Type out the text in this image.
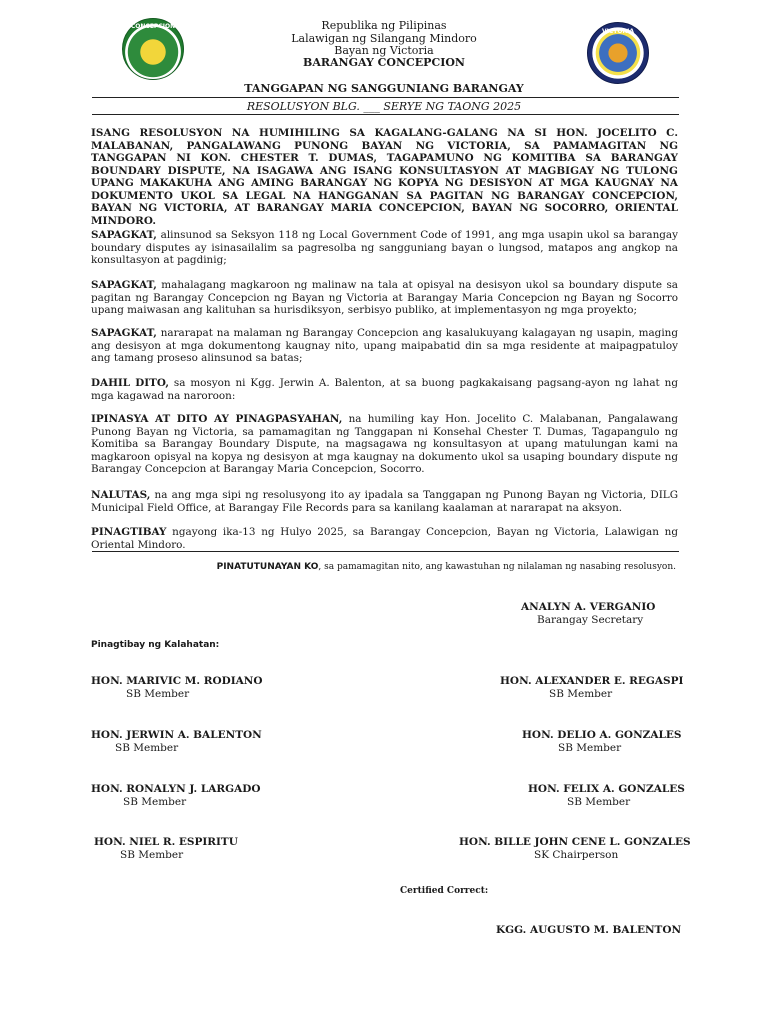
CONCEPCION
VICTORIA
Republika ng Pilipinas
Lalawigan ng Silangang Mindoro
Bayan ng Victoria
BARANGAY CONCEPCION
TANGGAPAN NG SANGGUNIANG BARANGAY
RESOLUSYON BLG. ___ SERYE NG TAONG 2025
ISANG RESOLUSYON NA HUMIHILING SA KAGALANG-GALANG NA SI HON. JOCELITO C. MALABANAN, PANGALAWANG PUNONG BAYAN NG VICTORIA, SA PAMAMAGITAN NG TANGGAPAN NI KON. CHESTER T. DUMAS, TAGAPAMUNO NG KOMITIBA SA BARANGAY BOUNDARY DISPUTE, NA ISAGAWA ANG ISANG KONSULTASYON AT MAGBIGAY NG TULONG UPANG MAKAKUHA ANG AMING BARANGAY NG KOPYA NG DESISYON AT MGA KAUGNAY NA DOKUMENTO UKOL SA LEGAL NA HANGGANAN SA PAGITAN NG BARANGAY CONCEPCION, BAYAN NG VICTORIA, AT BARANGAY MARIA CONCEPCION, BAYAN NG SOCORRO, ORIENTAL MINDORO.
SAPAGKAT, alinsunod sa Seksyon 118 ng Local Government Code of 1991, ang mga usapin ukol sa barangay boundary disputes ay isinasailalim sa pagresolba ng sangguniang bayan o lungsod, matapos ang angkop na konsultasyon at pagdinig;
SAPAGKAT, mahalagang magkaroon ng malinaw na tala at opisyal na desisyon ukol sa boundary dispute sa pagitan ng Barangay Concepcion ng Bayan ng Victoria at Barangay Maria Concepcion ng Bayan ng Socorro upang maiwasan ang kalituhan sa hurisdiksyon, serbisyo publiko, at implementasyon ng mga proyekto;
SAPAGKAT, nararapat na malaman ng Barangay Concepcion ang kasalukuyang kalagayan ng usapin, maging ang desisyon at mga dokumentong kaugnay nito, upang maipabatid din sa mga residente at maipagpatuloy ang tamang proseso alinsunod sa batas;
DAHIL DITO, sa mosyon ni Kgg. Jerwin A. Balenton, at sa buong pagkakaisang pagsang-ayon ng lahat ng mga kagawad na naroroon:
IPINASYA AT DITO AY PINAGPASYAHAN, na humiling kay Hon. Jocelito C. Malabanan, Pangalawang Punong Bayan ng Victoria, sa pamamagitan ng Tanggapan ni Konsehal Chester T. Dumas, Tagapangulo ng Komitiba sa Barangay Boundary Dispute, na magsagawa ng konsultasyon at upang matulungan kami na magkaroon opisyal na kopya ng desisyon at mga kaugnay na dokumento ukol sa usaping boundary dispute ng Barangay Concepcion at Barangay Maria Concepcion, Socorro.
NALUTAS, na ang mga sipi ng resolusyong ito ay ipadala sa Tanggapan ng Punong Bayan ng Victoria, DILG Municipal Field Office, at Barangay File Records para sa kanilang kaalaman at nararapat na aksyon.
PINAGTIBAY ngayong ika-13 ng Hulyo 2025, sa Barangay Concepcion, Bayan ng Victoria, Lalawigan ng Oriental Mindoro.
PINATUTUNAYAN KO, sa pamamagitan nito, ang kawastuhan ng nilalaman ng nasabing resolusyon.
ANALYN A. VERGANIO
Barangay Secretary
Pinagtibay ng Kalahatan:
HON. MARIVIC M. RODIANO
SB Member
HON. ALEXANDER E. REGASPI
SB Member
HON. JERWIN A. BALENTON
SB Member
HON. DELIO A. GONZALES
SB Member
HON. RONALYN J. LARGADO
SB Member
HON. FELIX A. GONZALES
SB Member
HON. NIEL R. ESPIRITU
SB Member
HON. BILLE JOHN CENE L. GONZALES
SK Chairperson
Certified Correct:
KGG. AUGUSTO M. BALENTON
